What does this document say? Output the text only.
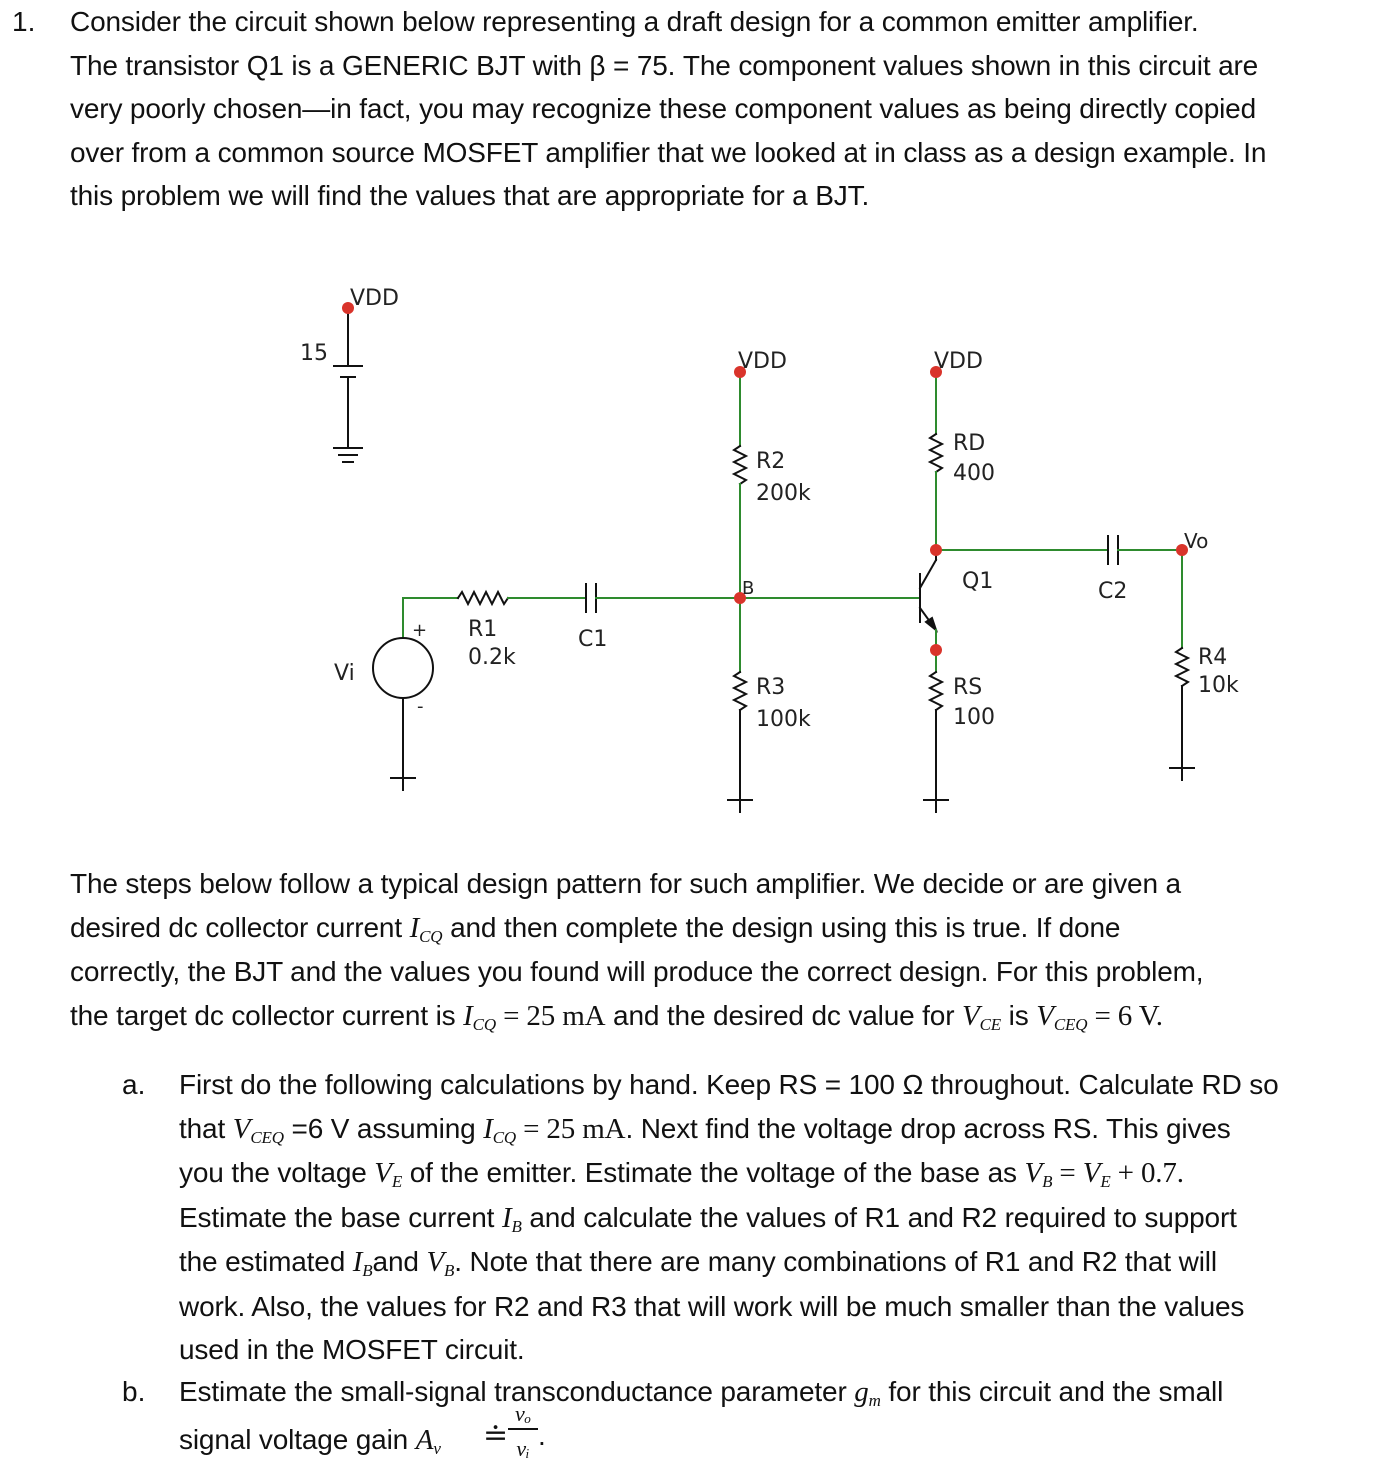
1. Consider the circuit shown below representing a draft design for a common emitter amplifier.
The transistor Q1 is a GENERIC BJT with β = 75. The component values shown in this circuit are
very poorly chosen—in fact, you may recognize these component values as being directly copied
over from a common source MOSFET amplifier that we looked at in class as a design example. In
this problem we will find the values that are appropriate for a BJT.
VDD
15
+
-
Vi
R1
0.2k
C1
VDD
R2
200k
B
R3
100k
VDD
RD
400
Q1
RS
100
C2
Vo
R4
10k
The steps below follow a typical design pattern for such amplifier. We decide or are given a
desired dc collector current $I_{CQ}$ and then complete the design using this is true. If done
correctly, the BJT and the values you found will produce the correct design. For this problem,
the target dc collector current is $I_{CQ} = 25$ mA and the desired dc value for $V_{CE}$ is $V_{CEQ} = 6$ V.
a. First do the following calculations by hand. Keep RS = 100 Ω throughout. Calculate RD so
that $V_{CEQ} =6$ V assuming $I_{CQ} = 25$ mA. Next find the voltage drop across RS. This gives
you the voltage $V_E$ of the emitter. Estimate the voltage of the base as $V_B = V_E + 0.7$.
Estimate the base current $I_B$ and calculate the values of R1 and R2 required to support
the estimated $I_Band$ $V_B$. Note that there are many combinations of R1 and R2 that will
work. Also, the values for R2 and R3 that will work will be much smaller than the values
used in the MOSFET circuit.
b. Estimate the small-signal transconductance parameter $g_m$ for this circuit and the small
signal voltage gain $A_v$ ≐
vₒ
vᵢ .
